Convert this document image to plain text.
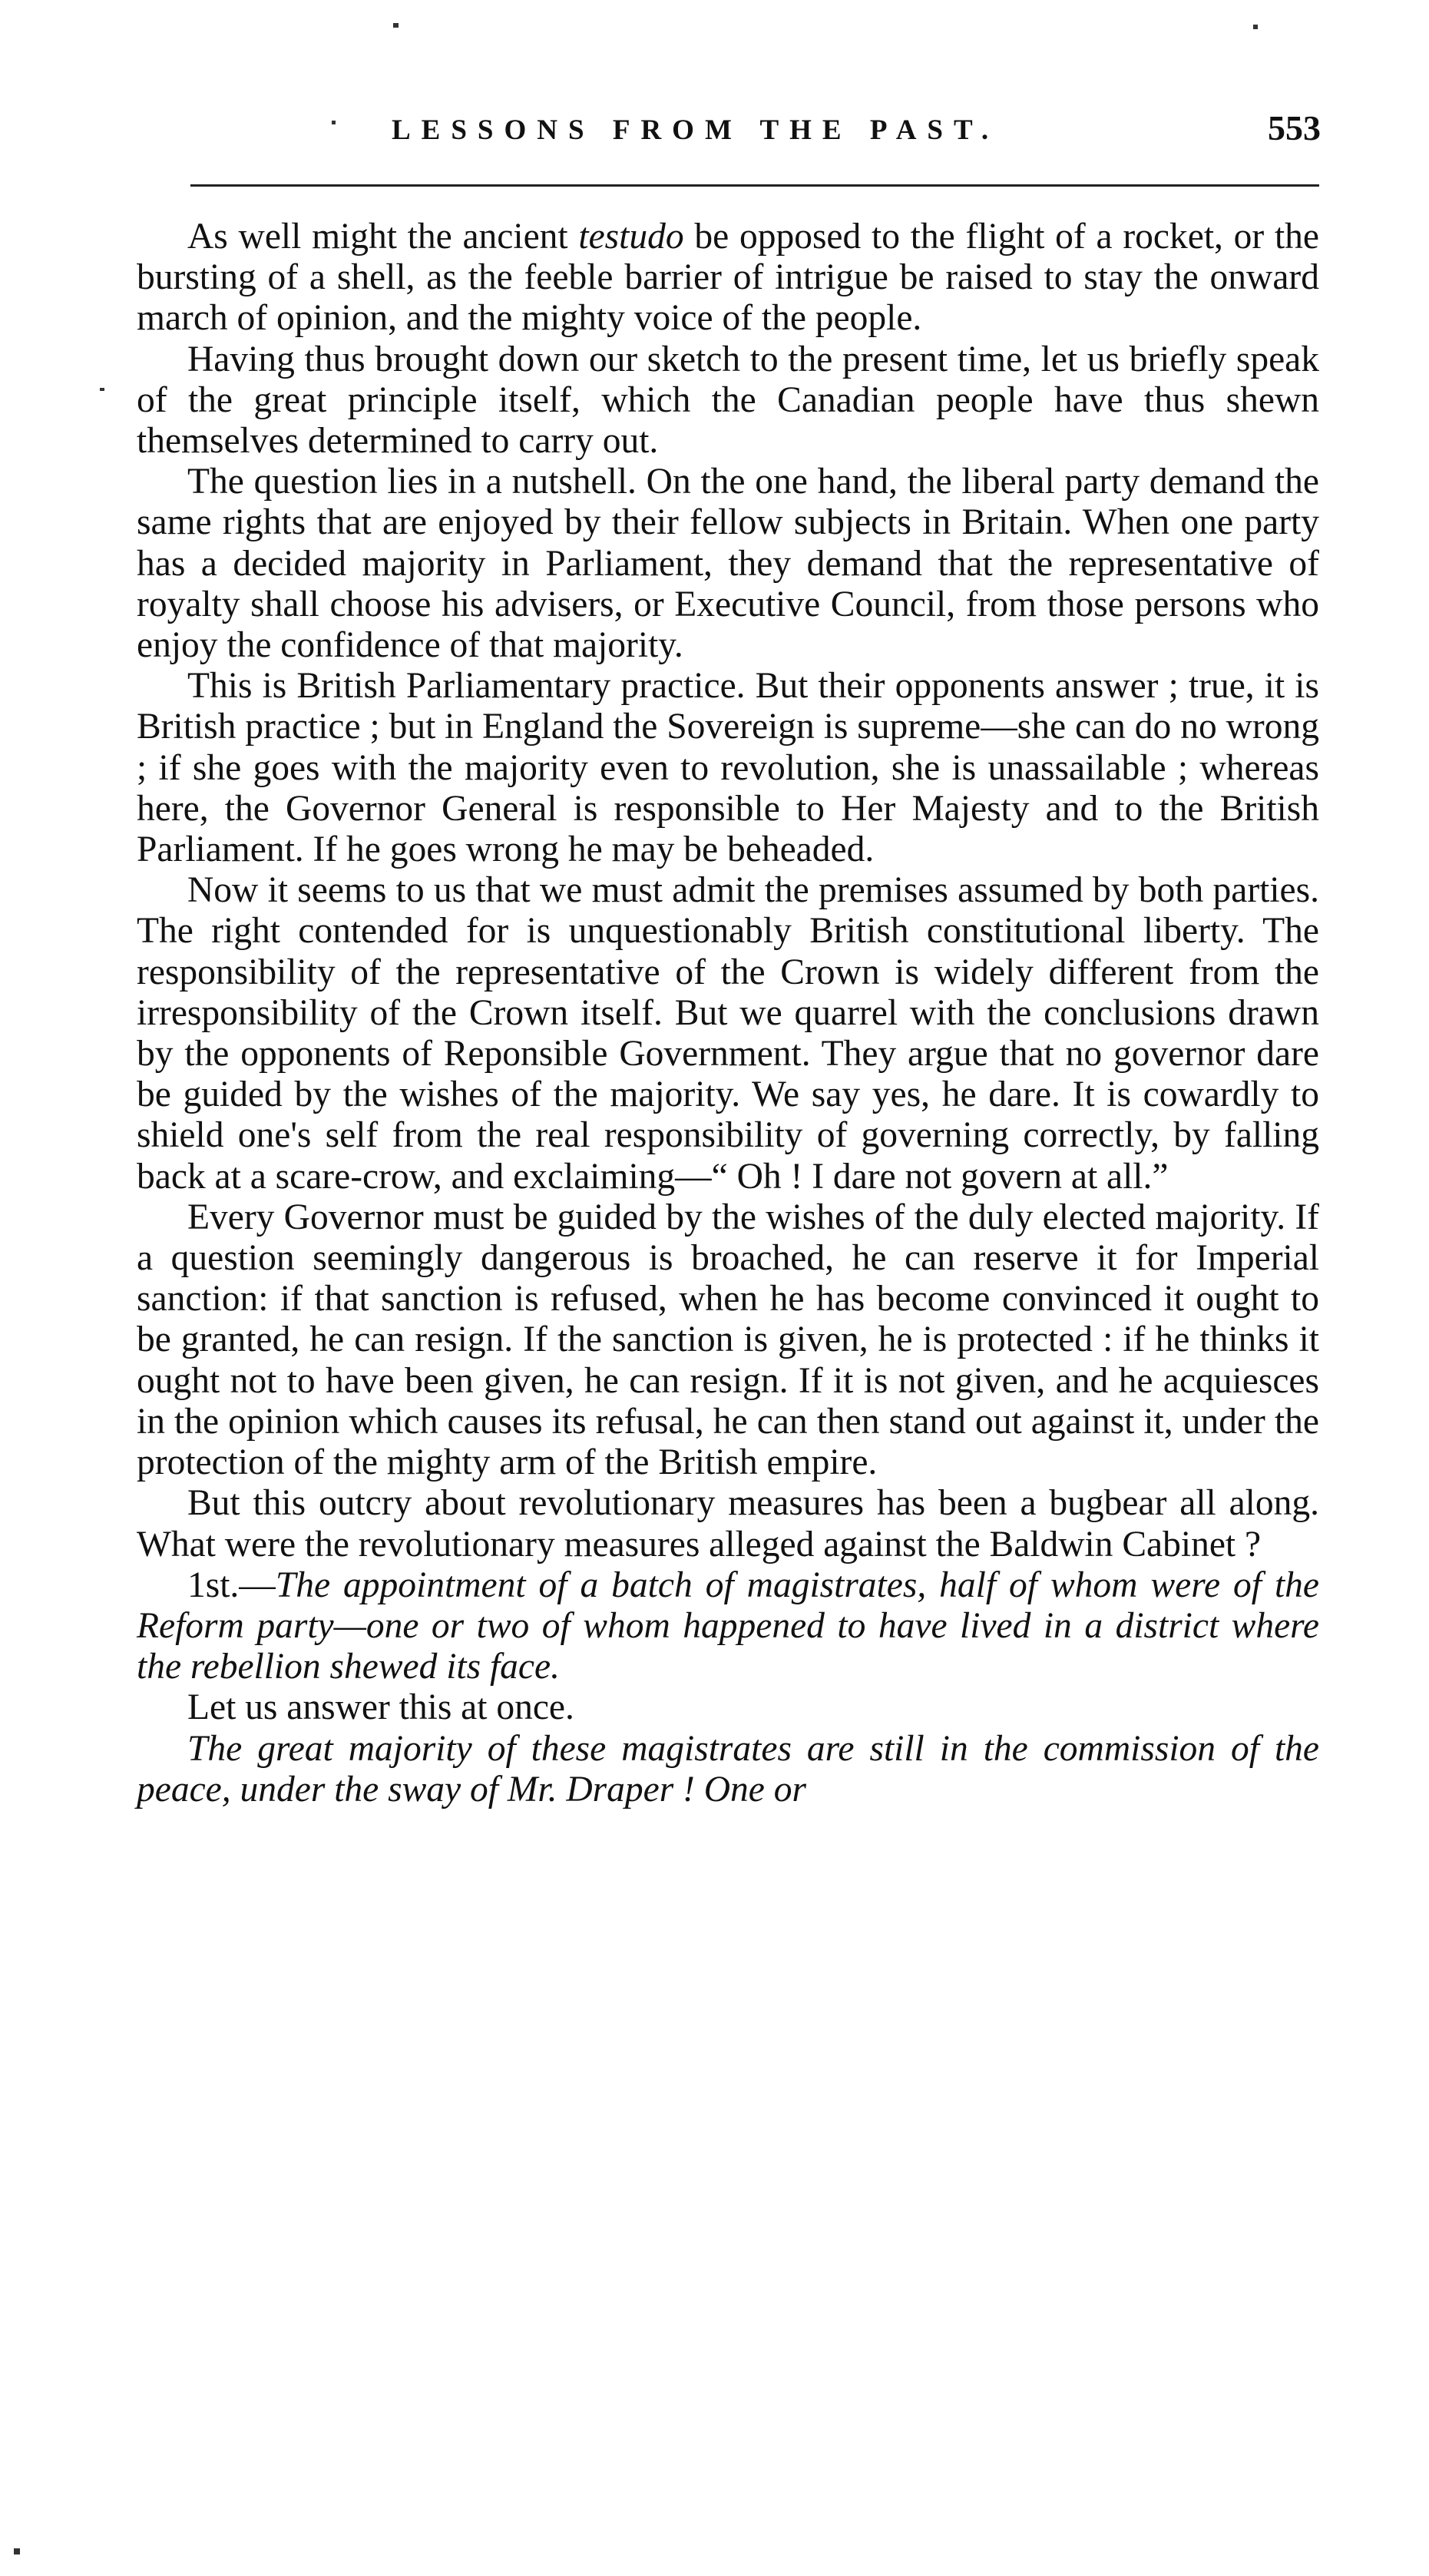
LESSONS FROM THE PAST.	553

As well might the ancient testudo be opposed to the flight of a rocket, or the bursting of a shell, as the feeble barrier of intrigue be raised to stay the onward march of opinion, and the mighty voice of the people.

Having thus brought down our sketch to the present time, let us briefly speak of the great principle itself, which the Canadian people have thus shewn themselves determined to carry out.

The question lies in a nutshell. On the one hand, the liberal party demand the same rights that are enjoyed by their fellow subjects in Britain. When one party has a decided majority in Parliament, they demand that the representative of royalty shall choose his advisers, or Executive Council, from those persons who enjoy the confidence of that majority.

This is British Parliamentary practice. But their opponents answer ; true, it is British practice ; but in England the Sovereign is supreme—she can do no wrong ; if she goes with the majority even to revolution, she is unassailable ; whereas here, the Governor General is responsible to Her Majesty and to the British Parliament. If he goes wrong he may be beheaded.

Now it seems to us that we must admit the premises assumed by both parties. The right contended for is unquestionably British constitutional liberty. The responsibility of the representative of the Crown is widely different from the irresponsibility of the Crown itself. But we quarrel with the conclusions drawn by the opponents of Reponsible Government. They argue that no governor dare be guided by the wishes of the majority. We say yes, he dare. It is cowardly to shield one's self from the real responsibility of governing correctly, by falling back at a scare-crow, and exclaiming—“ Oh ! I dare not govern at all.”

Every Governor must be guided by the wishes of the duly elected majority. If a question seemingly dangerous is broached, he can reserve it for Imperial sanction: if that sanction is refused, when he has become convinced it ought to be granted, he can resign. If the sanction is given, he is protected : if he thinks it ought not to have been given, he can resign. If it is not given, and he acquiesces in the opinion which causes its refusal, he can then stand out against it, under the protection of the mighty arm of the British empire.

But this outcry about revolutionary measures has been a bugbear all along. What were the revolutionary measures alleged against the Baldwin Cabinet ?

1st.—The appointment of a batch of magistrates, half of whom were of the Reform party—one or two of whom happened to have lived in a district where the rebellion shewed its face.

Let us answer this at once.

The great majority of these magistrates are still in the commission of the peace, under the sway of Mr. Draper ! One or
